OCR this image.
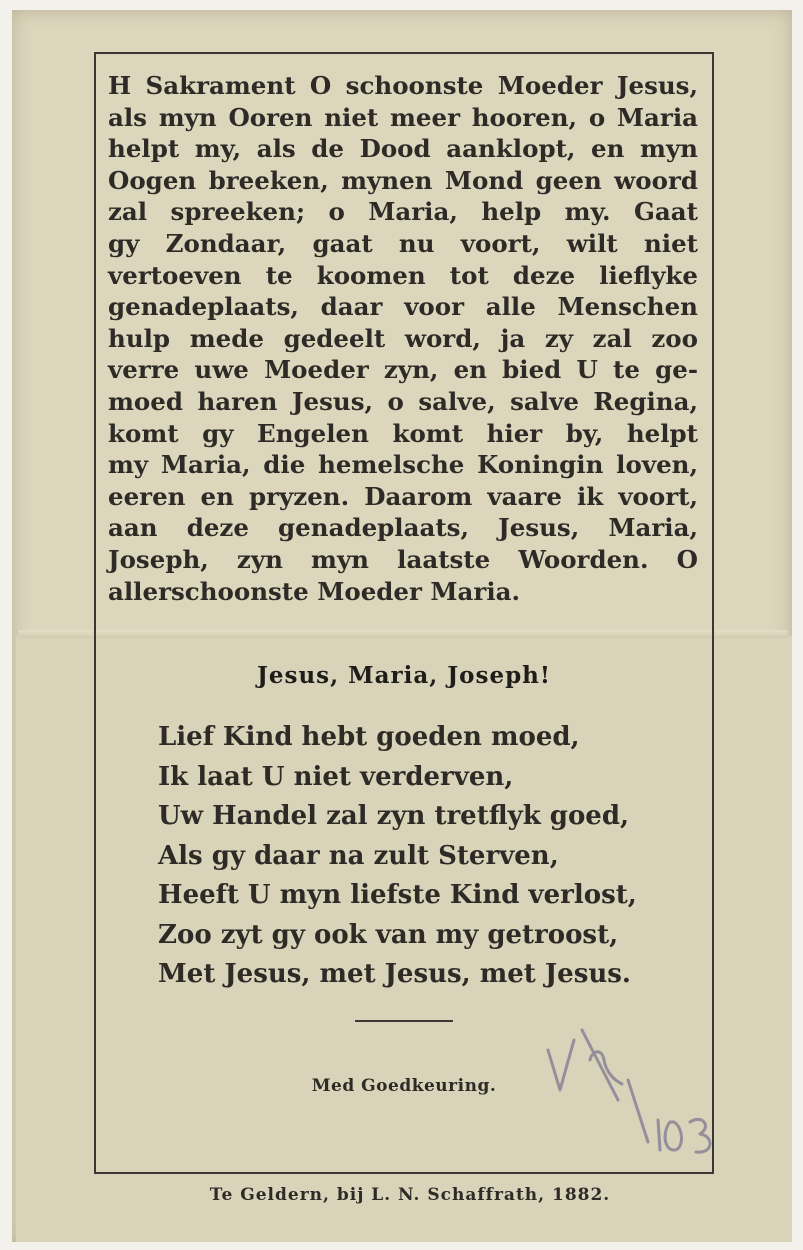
H Sakrament O schoonste Moeder Jesus,
als myn Ooren niet meer hooren, o Maria
helpt my, als de Dood aanklopt, en myn
Oogen breeken, mynen Mond geen woord
zal spreeken; o Maria, help my. Gaat
gy Zondaar, gaat nu voort, wilt niet
vertoeven te koomen tot deze lieflyke
genadeplaats, daar voor alle Menschen
hulp mede gedeelt word, ja zy zal zoo
verre uwe Moeder zyn, en bied U te ge-
moed haren Jesus, o salve, salve Regina,
komt gy Engelen komt hier by, helpt
my Maria, die hemelsche Koningin loven,
eeren en pryzen. Daarom vaare ik voort,
aan deze genadeplaats, Jesus, Maria,
Joseph, zyn myn laatste Woorden. O
allerschoonste Moeder Maria.

Jesus, Maria, Joseph!
Lief Kind hebt goeden moed,
Ik laat U niet verderven,
Uw Handel zal zyn tretflyk goed,
Als gy daar na zult Sterven,
Heeft U myn liefste Kind verlost,
Zoo zyt gy ook van my getroost,
Met Jesus, met Jesus, met Jesus.
Med Goedkeuring.
Te Geldern, bij L. N. Schaffrath, 1882.
